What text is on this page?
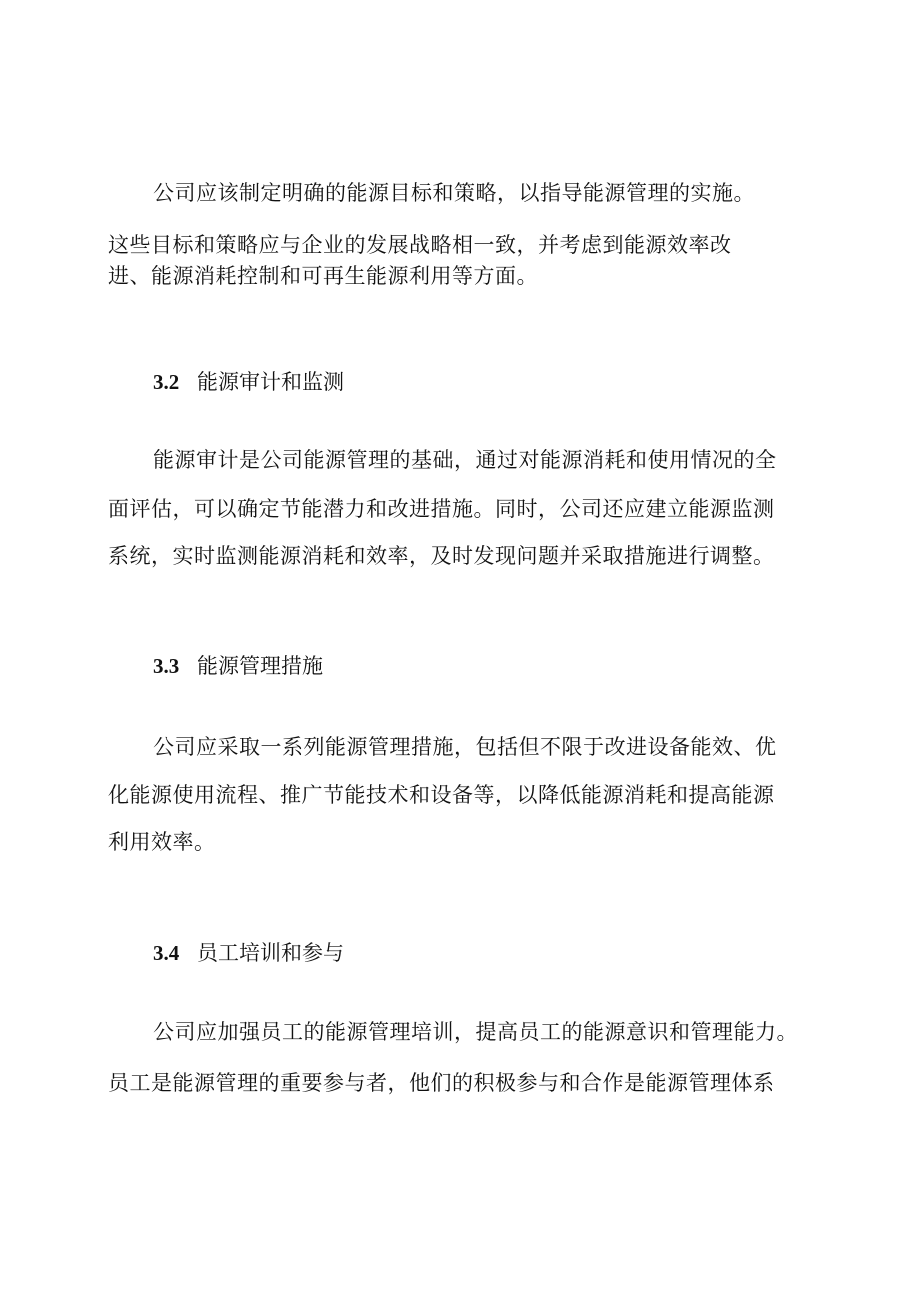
公司应该制定明确的能源目标和策略，以指导能源管理的实施。
这些目标和策略应与企业的发展战略相一致，并考虑到能源效率改
进、能源消耗控制和可再生能源利用等方面。
3.2 能源审计和监测
能源审计是公司能源管理的基础，通过对能源消耗和使用情况的全
面评估，可以确定节能潜力和改进措施。同时，公司还应建立能源监测
系统，实时监测能源消耗和效率，及时发现问题并采取措施进行调整。
3.3 能源管理措施
公司应采取一系列能源管理措施，包括但不限于改进设备能效、优
化能源使用流程、推广节能技术和设备等，以降低能源消耗和提高能源
利用效率。
3.4 员工培训和参与
公司应加强员工的能源管理培训，提高员工的能源意识和管理能力。
员工是能源管理的重要参与者，他们的积极参与和合作是能源管理体系
